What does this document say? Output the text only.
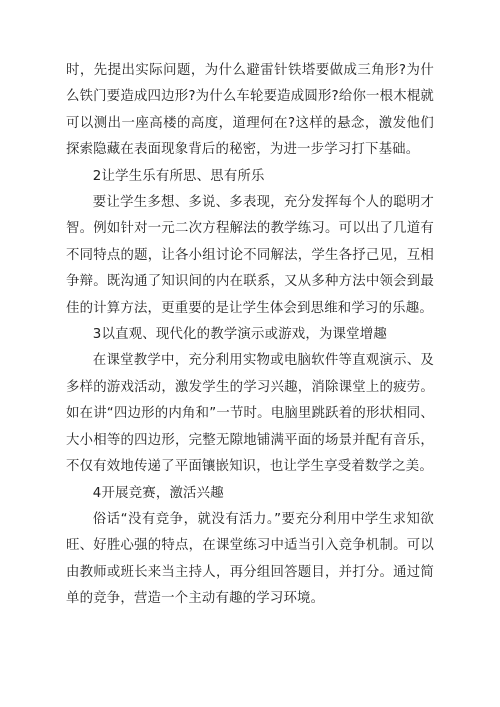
时，先提出实际问题，为什么避雷针铁塔要做成三角形?为什么铁门要造成四边形?为什么车轮要造成圆形?给你一根木棍就可以测出一座高楼的高度，道理何在?这样的悬念，激发他们探索隐藏在表面现象背后的秘密，为进一步学习打下基础。

2让学生乐有所思、思有所乐

要让学生多想、多说、多表现，充分发挥每个人的聪明才智。例如针对一元二次方程解法的教学练习。可以出了几道有不同特点的题，让各小组讨论不同解法，学生各抒己见，互相争辩。既沟通了知识间的内在联系，又从多种方法中领会到最佳的计算方法，更重要的是让学生体会到思维和学习的乐趣。

3以直观、现代化的教学演示或游戏，为课堂增趣

在课堂教学中，充分利用实物或电脑软件等直观演示、及多样的游戏活动，激发学生的学习兴趣，消除课堂上的疲劳。如在讲“四边形的内角和”一节时。电脑里跳跃着的形状相同、大小相等的四边形，完整无隙地铺满平面的场景并配有音乐，不仅有效地传递了平面镶嵌知识，也让学生享受着数学之美。

4开展竞赛，激活兴趣

俗话“没有竞争，就没有活力。”要充分利用中学生求知欲旺、好胜心强的特点，在课堂练习中适当引入竞争机制。可以由教师或班长来当主持人，再分组回答题目，并打分。通过简单的竞争，营造一个主动有趣的学习环境。
